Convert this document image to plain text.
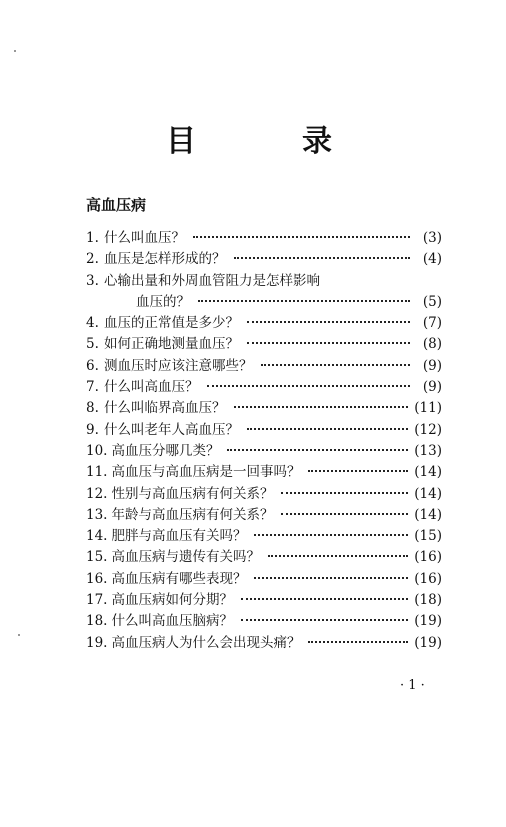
目　录
高血压病
1. 什么叫血压？	(3)
2. 血压是怎样形成的？	(4)
3. 心输出量和外周血管阻力是怎样影响
血压的？	(5)
4. 血压的正常值是多少？	(7)
5. 如何正确地测量血压？	(8)
6. 测血压时应该注意哪些？	(9)
7. 什么叫高血压？	(9)
8. 什么叫临界高血压？	(11)
9. 什么叫老年人高血压？	(12)
10. 高血压分哪几类？	(13)
11. 高血压与高血压病是一回事吗？	(14)
12. 性别与高血压病有何关系？	(14)
13. 年龄与高血压病有何关系？	(14)
14. 肥胖与高血压有关吗？	(15)
15. 高血压病与遗传有关吗？	(16)
16. 高血压病有哪些表现？	(16)
17. 高血压病如何分期？	(18)
18. 什么叫高血压脑病？	(19)
19. 高血压病人为什么会出现头痛？	(19)
· 1 ·
